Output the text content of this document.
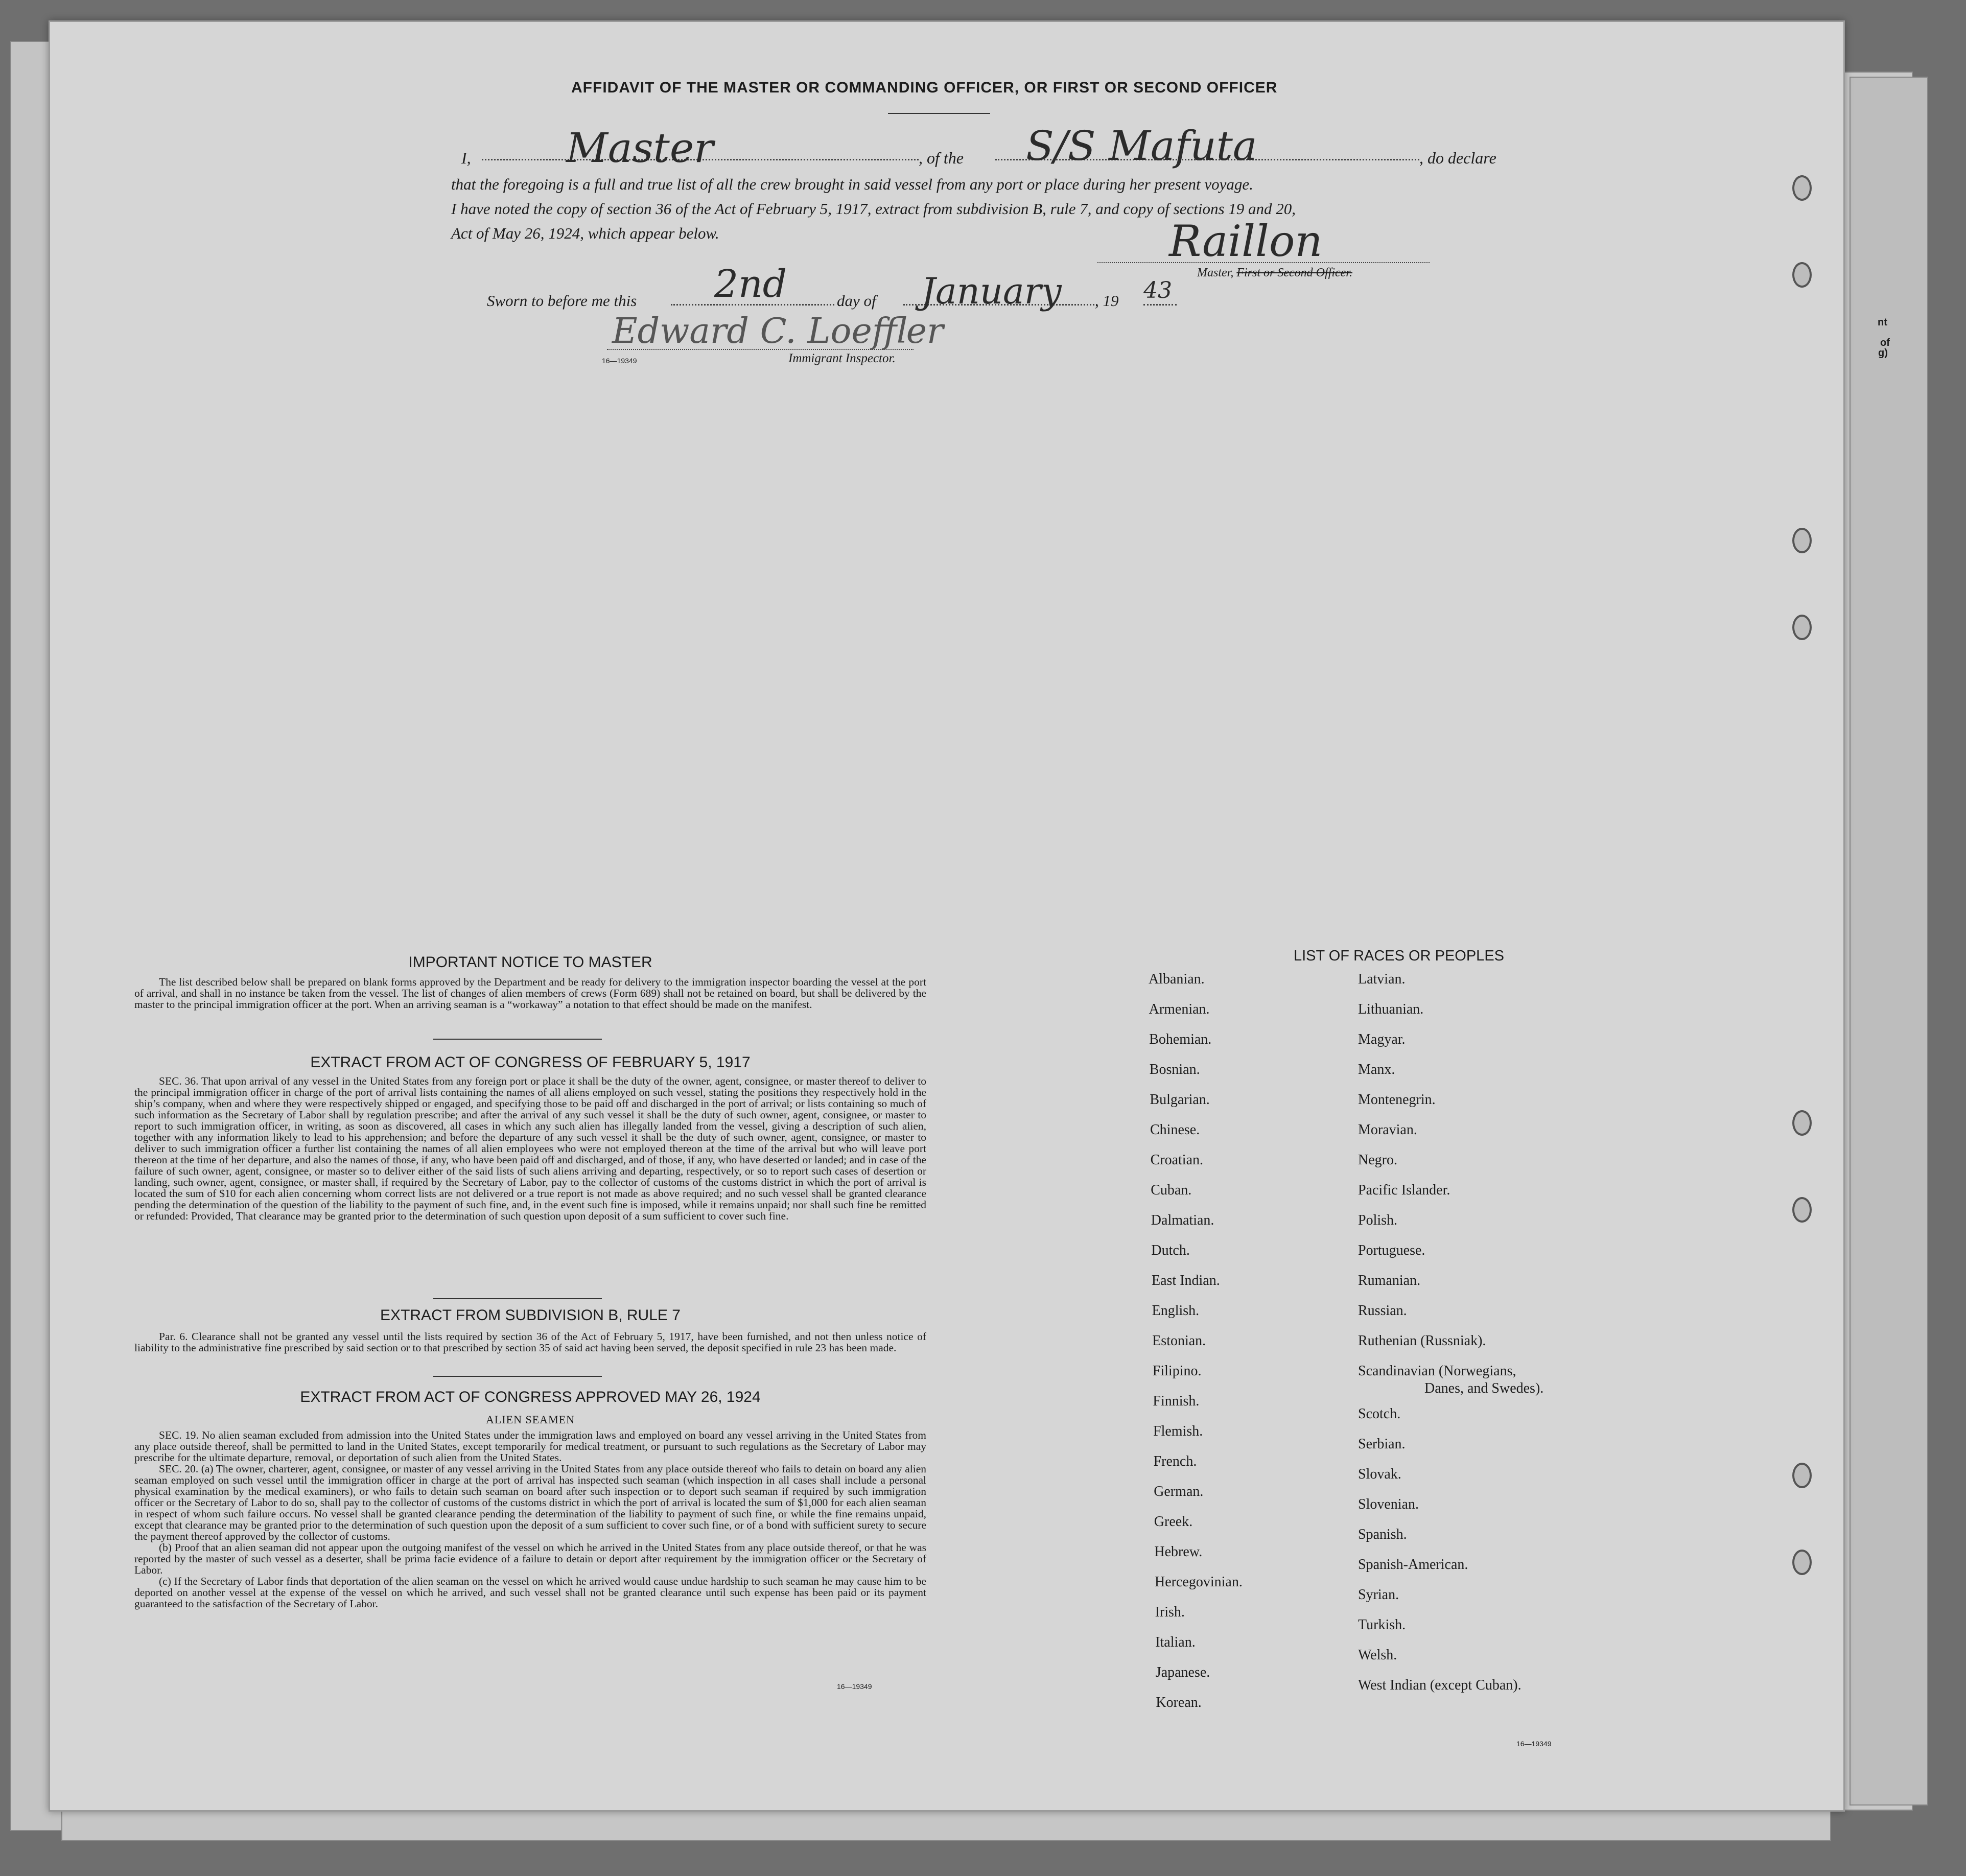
nt
of
g)
AFFIDAVIT OF THE MASTER OR COMMANDING OFFICER, OR FIRST OR SECOND OFFICER
I, Master	, of the S/S Mafuta	, do declare
that the foregoing is a full and true list of all the crew brought in said vessel from any port or place during her present voyage.
I have noted the copy of section 36 of the Act of February 5, 1917, extract from subdivision B, rule 7, and copy of sections 19 and 20,
Act of May 26, 1924, which appear below.	Raillon
Master, First or Second Officer.
Sworn to before me this 2nd	day of January , 19 43
Edward C. Loeffler
16—19349	Immigrant Inspector.
IMPORTANT NOTICE TO MASTER

The list described below shall be prepared on blank forms approved by the Department and be ready for delivery to the immigration inspector boarding the vessel at the port of arrival, and shall in no instance be taken from the vessel. The list of changes of alien members of crews (Form 689) shall not be retained on board, but shall be delivered by the master to the principal immigration officer at the port. When an arriving seaman is a “workaway” a notation to that effect should be made on the manifest.

EXTRACT FROM ACT OF CONGRESS OF FEBRUARY 5, 1917

SEC. 36. That upon arrival of any vessel in the United States from any foreign port or place it shall be the duty of the owner, agent, consignee, or master thereof to deliver to the principal immigration officer in charge of the port of arrival lists containing the names of all aliens employed on such vessel, stating the positions they respectively hold in the ship’s company, when and where they were respectively shipped or engaged, and specifying those to be paid off and discharged in the port of arrival; or lists containing so much of such information as the Secretary of Labor shall by regulation prescribe; and after the arrival of any such vessel it shall be the duty of such owner, agent, consignee, or master to report to such immigration officer, in writing, as soon as discovered, all cases in which any such alien has illegally landed from the vessel, giving a description of such alien, together with any information likely to lead to his apprehension; and before the departure of any such vessel it shall be the duty of such owner, agent, consignee, or master to deliver to such immigration officer a further list containing the names of all alien employees who were not employed thereon at the time of the arrival but who will leave port thereon at the time of her departure, and also the names of those, if any, who have been paid off and discharged, and of those, if any, who have deserted or landed; and in case of the failure of such owner, agent, consignee, or master so to deliver either of the said lists of such aliens arriving and departing, respectively, or so to report such cases of desertion or landing, such owner, agent, consignee, or master shall, if required by the Secretary of Labor, pay to the collector of customs of the customs district in which the port of arrival is located the sum of $10 for each alien concerning whom correct lists are not delivered or a true report is not made as above required; and no such vessel shall be granted clearance pending the determination of the question of the liability to the payment of such fine, and, in the event such fine is imposed, while it remains unpaid; nor shall such fine be remitted or refunded: Provided, That clearance may be granted prior to the determination of such question upon deposit of a sum sufficient to cover such fine.

EXTRACT FROM SUBDIVISION B, RULE 7

Par. 6. Clearance shall not be granted any vessel until the lists required by section 36 of the Act of February 5, 1917, have been furnished, and not then unless notice of liability to the administrative fine prescribed by said section or to that prescribed by section 35 of said act having been served, the deposit specified in rule 23 has been made.

EXTRACT FROM ACT OF CONGRESS APPROVED MAY 26, 1924
ALIEN SEAMEN

SEC. 19. No alien seaman excluded from admission into the United States under the immigration laws and employed on board any vessel arriving in the United States from any place outside thereof, shall be permitted to land in the United States, except temporarily for medical treatment, or pursuant to such regulations as the Secretary of Labor may prescribe for the ultimate departure, removal, or deportation of such alien from the United States.

SEC. 20. (a) The owner, charterer, agent, consignee, or master of any vessel arriving in the United States from any place outside thereof who fails to detain on board any alien seaman employed on such vessel until the immigration officer in charge at the port of arrival has inspected such seaman (which inspection in all cases shall include a personal physical examination by the medical examiners), or who fails to detain such seaman on board after such inspection or to deport such seaman if required by such immigration officer or the Secretary of Labor to do so, shall pay to the collector of customs of the customs district in which the port of arrival is located the sum of $1,000 for each alien seaman in respect of whom such failure occurs. No vessel shall be granted clearance pending the determination of the liability to payment of such fine, or while the fine remains unpaid, except that clearance may be granted prior to the determination of such question upon the deposit of a sum sufficient to cover such fine, or of a bond with sufficient surety to secure the payment thereof approved by the collector of customs.

(b) Proof that an alien seaman did not appear upon the outgoing manifest of the vessel on which he arrived in the United States from any place outside thereof, or that he was reported by the master of such vessel as a deserter, shall be prima facie evidence of a failure to detain or deport after requirement by the immigration officer or the Secretary of Labor.

(c) If the Secretary of Labor finds that deportation of the alien seaman on the vessel on which he arrived would cause undue hardship to such seaman he may cause him to be deported on another vessel at the expense of the vessel on which he arrived, and such vessel shall not be granted clearance until such expense has been paid or its payment guaranteed to the satisfaction of the Secretary of Labor.

16—19349
LIST OF RACES OR PEOPLES
16—19349
Albanian.
Armenian.
Bohemian.
Bosnian.
Bulgarian.
Chinese.
Croatian.
Cuban.
Dalmatian.
Dutch.
East Indian.
English.
Estonian.
Filipino.
Finnish.
Flemish.
French.
German.
Greek.
Hebrew.
Hercegovinian.
Irish.
Italian.
Japanese.
Korean.
Latvian.
Lithuanian.
Magyar.
Manx.
Montenegrin.
Moravian.
Negro.
Pacific Islander.
Polish.
Portuguese.
Rumanian.
Russian.
Ruthenian (Russniak).
Scandinavian (Norwegians,
Danes, and Swedes).
Scotch.
Serbian.
Slovak.
Slovenian.
Spanish.
Spanish-American.
Syrian.
Turkish.
Welsh.
West Indian (except Cuban).
